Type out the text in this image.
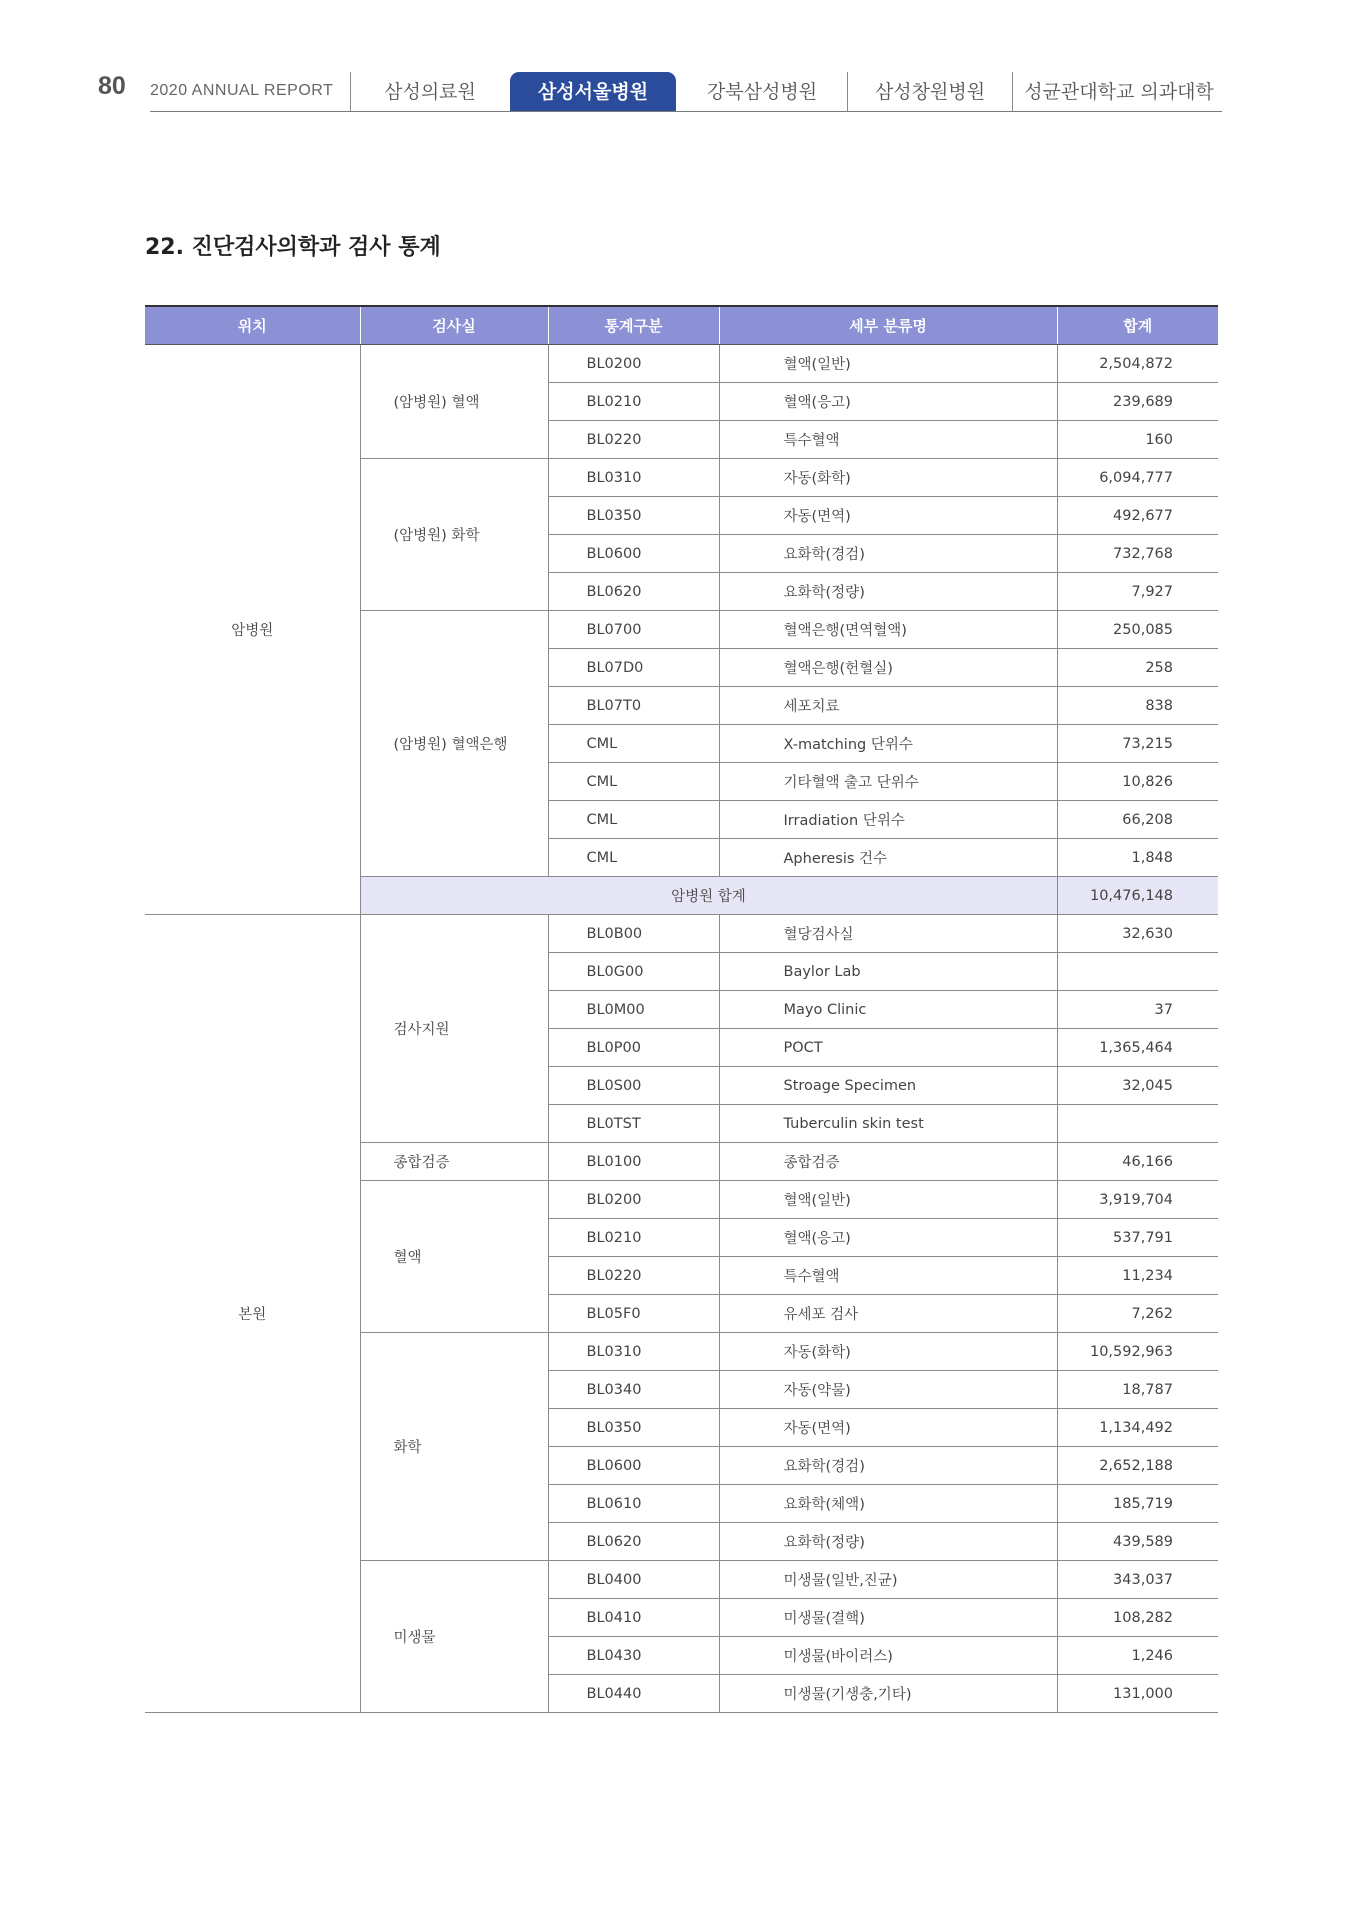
80 2020 ANNUAL REPORT	삼성의료원	삼성서울병원	강북삼성병원	삼성창원병원	성균관대학교 의과대학
22. 진단검사의학과 검사 통계
위치	검사실	통계구분	세부 분류명	합계
암병원	(암병원) 혈액	BL0200	혈액(일반)	2,504,872
		BL0210	혈액(응고)	239,689
		BL0220	특수혈액	160
	(암병원) 화학	BL0310	자동(화학)	6,094,777
		BL0350	자동(면역)	492,677
		BL0600	요화학(경검)	732,768
		BL0620	요화학(정량)	7,927
	(암병원) 혈액은행	BL0700	혈액은행(면역혈액)	250,085
		BL07D0	혈액은행(헌혈실)	258
		BL07T0	세포치료	838
		CML	X-matching 단위수	73,215
		CML	기타혈액 출고 단위수	10,826
		CML	Irradiation 단위수	66,208
		CML	Apheresis 건수	1,848
	암병원 합계			10,476,148
본원	검사지원	BL0B00	혈당검사실	32,630
		BL0G00	Baylor Lab	
		BL0M00	Mayo Clinic	37
		BL0P00	POCT	1,365,464
		BL0S00	Stroage Specimen	32,045
		BL0TST	Tuberculin skin test	
	종합검증	BL0100	종합검증	46,166
	혈액	BL0200	혈액(일반)	3,919,704
		BL0210	혈액(응고)	537,791
		BL0220	특수혈액	11,234
		BL05F0	유세포 검사	7,262
	화학	BL0310	자동(화학)	10,592,963
		BL0340	자동(약물)	18,787
		BL0350	자동(면역)	1,134,492
		BL0600	요화학(경검)	2,652,188
		BL0610	요화학(체액)	185,719
		BL0620	요화학(정량)	439,589
	미생물	BL0400	미생물(일반,진균)	343,037
		BL0410	미생물(결핵)	108,282
		BL0430	미생물(바이러스)	1,246
		BL0440	미생물(기생충,기타)	131,000
